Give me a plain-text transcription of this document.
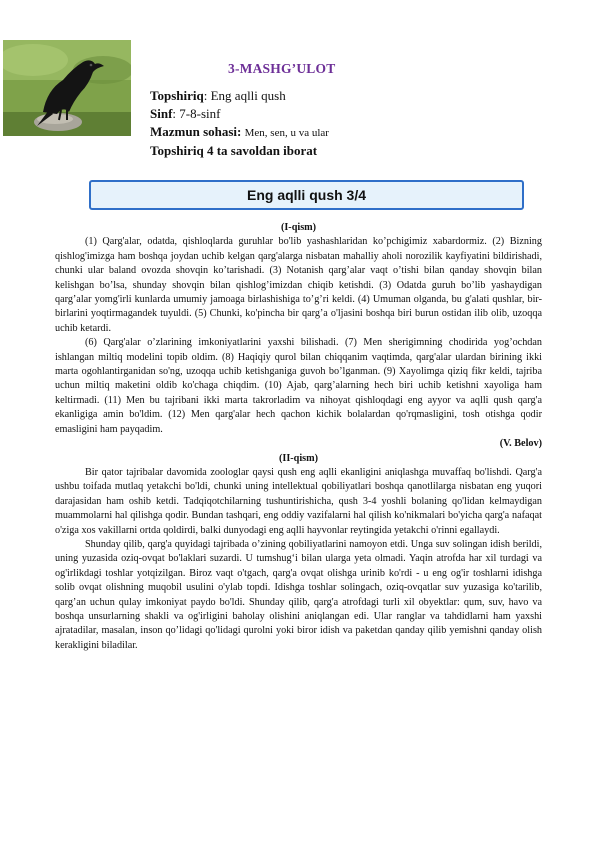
3-MASHG’ULOT
Topshiriq: Eng aqlli qush
Sinf: 7-8-sinf
Mazmun sohasi: Men, sen, u va ular
Topshiriq 4 ta savoldan iborat
Eng aqlli qush 3/4

(I-qism)

(1) Qarg'alar, odatda, qishloqlarda guruhlar bo'lib yashashlaridan ko’pchigimiz xabardormiz. (2) Bizning qishlog'imizga ham boshqa joydan uchib kelgan qarg'alarga nisbatan mahalliy aholi norozilik kayfiyatini bildirishadi, chunki ular baland ovozda shovqin ko’tarishadi. (3) Notanish qarg’alar vaqt o’tishi bilan qanday shovqin bilan kelishgan bo’lsa, shunday shovqin bilan qishlog’imizdan chiqib ketishdi. (3) Odatda guruh bo’lib yashaydigan qarg’alar yomg'irli kunlarda umumiy jamoaga birlashishiga to’g’ri keldi. (4) Umuman olganda, bu g'alati qushlar, bir-birlarini yoqtirmagandek tuyuldi. (5) Chunki, ko'pincha bir qarg’a o'ljasini boshqa biri burun ostidan ilib olib, uzoqqa uchib ketardi.

(6) Qarg'alar o’zlarining imkoniyatlarini yaxshi bilishadi. (7) Men sherigimning chodirida yog’ochdan ishlangan miltiq modelini topib oldim. (8) Haqiqiy qurol bilan chiqqanim vaqtimda, qarg'alar ulardan birining ikki marta ogohlantirganidan so'ng, uzoqqa uchib ketishganiga guvoh bo’lganman. (9) Xayolimga qiziq fikr keldi, tajriba uchun miltiq maketini oldib ko'chaga chiqdim. (10) Ajab, qarg’alarning hech biri uchib ketishni xayoliga ham keltirmadi. (11) Men bu tajribani ikki marta takrorladim va nihoyat qishloqdagi eng ayyor va aqlli qush qarg'a ekanligiga amin bo'ldim. (12) Men qarg'alar hech qachon kichik bolalardan qo'rqmasligini, tosh otishga qodir emasligini ham payqadim.

(V. Belov)

(II-qism)

Bir qator tajribalar davomida zoologlar qaysi qush eng aqlli ekanligini aniqlashga muvaffaq bo'lishdi. Qarg'a ushbu toifada mutlaq yetakchi bo'ldi, chunki uning intellektual qobiliyatlari boshqa qanotlilarga nisbatan eng yuqori darajasidan ham oshib ketdi. Tadqiqotchilarning tushuntirishicha, qush 3-4 yoshli bolaning qo'lidan kelmaydigan muammolarni hal qilishga qodir. Bundan tashqari, eng oddiy vazifalarni hal qilish ko'nikmalari bo'yicha qarg'a nafaqat o'ziga xos vakillarni ortda qoldirdi, balki dunyodagi eng aqlli hayvonlar reytingida yetakchi o'rinni egallaydi.

Shunday qilib, qarg'a quyidagi tajribada o’zining qobiliyatlarini namoyon etdi. Unga suv solingan idish berildi, uning yuzasida oziq-ovqat bo'laklari suzardi. U tumshug‘i bilan ularga yeta olmadi. Yaqin atrofda har xil turdagi va og'irlikdagi toshlar yotqizilgan. Biroz vaqt o'tgach, qarg'a ovqat olishga urinib ko'rdi - u eng og'ir toshlarni idishga solib ovqat olishning muqobil usulini o'ylab topdi. Idishga toshlar solingach, oziq-ovqatlar suv yuzasiga ko'tarilib, qarg’an uchun qulay imkoniyat paydo bo'ldi. Shunday qilib, qarg'a atrofdagi turli xil obyektlar: qum, suv, havo va boshqa unsurlarning shakli va og'irligini baholay olishini aniqlangan edi. Ular ranglar va tahdidlarni ham yaxshi ajratadilar, masalan, inson qo’lidagi qo'lidagi qurolni yoki biror idish va paketdan qanday qilib yemishni qanday olish kerakligini biladilar.
